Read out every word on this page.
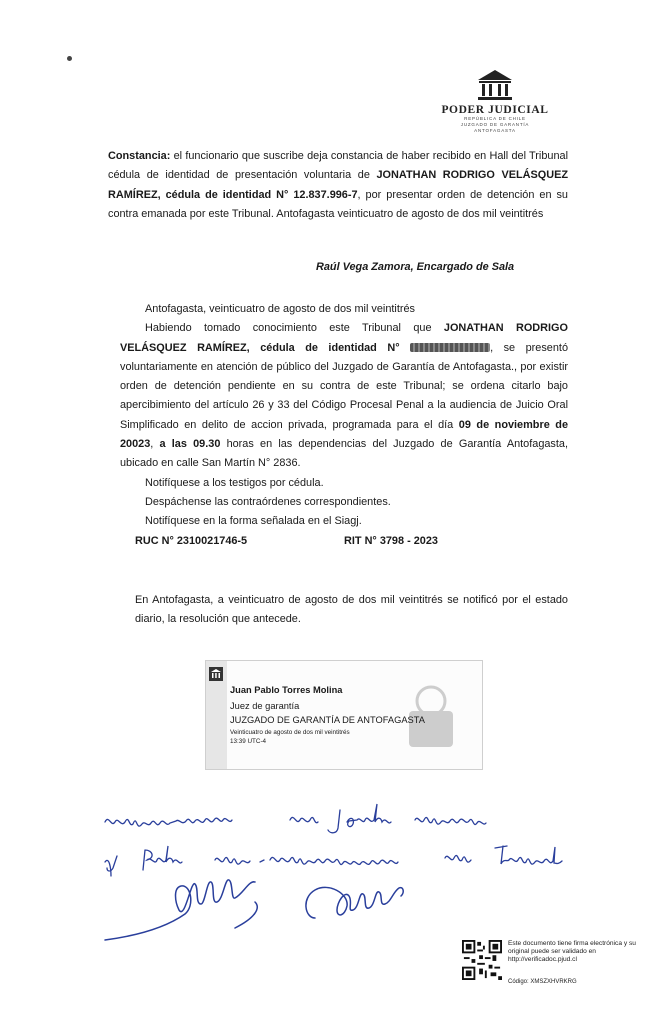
PODER JUDICIAL
REPÚBLICA DE CHILE
JUZGADO DE GARANTÍA
ANTOFAGASTA
Constancia: el funcionario que suscribe deja constancia de haber recibido en Hall del Tribunal cédula de identidad de presentación voluntaria de JONATHAN RODRIGO VELÁSQUEZ RAMÍREZ, cédula de identidad N° 12.837.996-7, por presentar orden de detención en su contra emanada por este Tribunal. Antofagasta veinticuatro de agosto de dos mil veintitrés
Raúl Vega Zamora, Encargado de Sala
Antofagasta, veinticuatro de agosto de dos mil veintitrés
Habiendo tomado conocimiento este Tribunal que JONATHAN RODRIGO VELÁSQUEZ RAMÍREZ, cédula de identidad N°	, se presentó voluntariamente en atención de público del Juzgado de Garantía de Antofagasta., por existir orden de detención pendiente en su contra de este Tribunal; se ordena citarlo bajo apercibimiento del artículo 26 y 33 del Código Procesal Penal a la audiencia de Juicio Oral Simplificado en delito de accion privada, programada para el día 09 de noviembre de 20023, a las 09.30 horas en las dependencias del Juzgado de Garantía Antofagasta, ubicado en calle San Martín N° 2836.
Notifíquese a los testigos por cédula.
Despáchense las contraórdenes correspondientes.
Notifíquese en la forma señalada en el Siagj.
RUC N° 2310021746-5	RIT N° 3798 - 2023
En Antofagasta, a veinticuatro de agosto de dos mil veintitrés se notificó por el estado diario, la resolución que antecede.
Juan Pablo Torres Molina
Juez de garantía
JUZGADO DE GARANTÍA DE ANTOFAGASTA
Veinticuatro de agosto de dos mil veintitrés
13:39 UTC-4
Este documento tiene firma electrónica y su original puede ser validado en http://verificadoc.pjud.cl
Código: XMSZXHVRKRG
